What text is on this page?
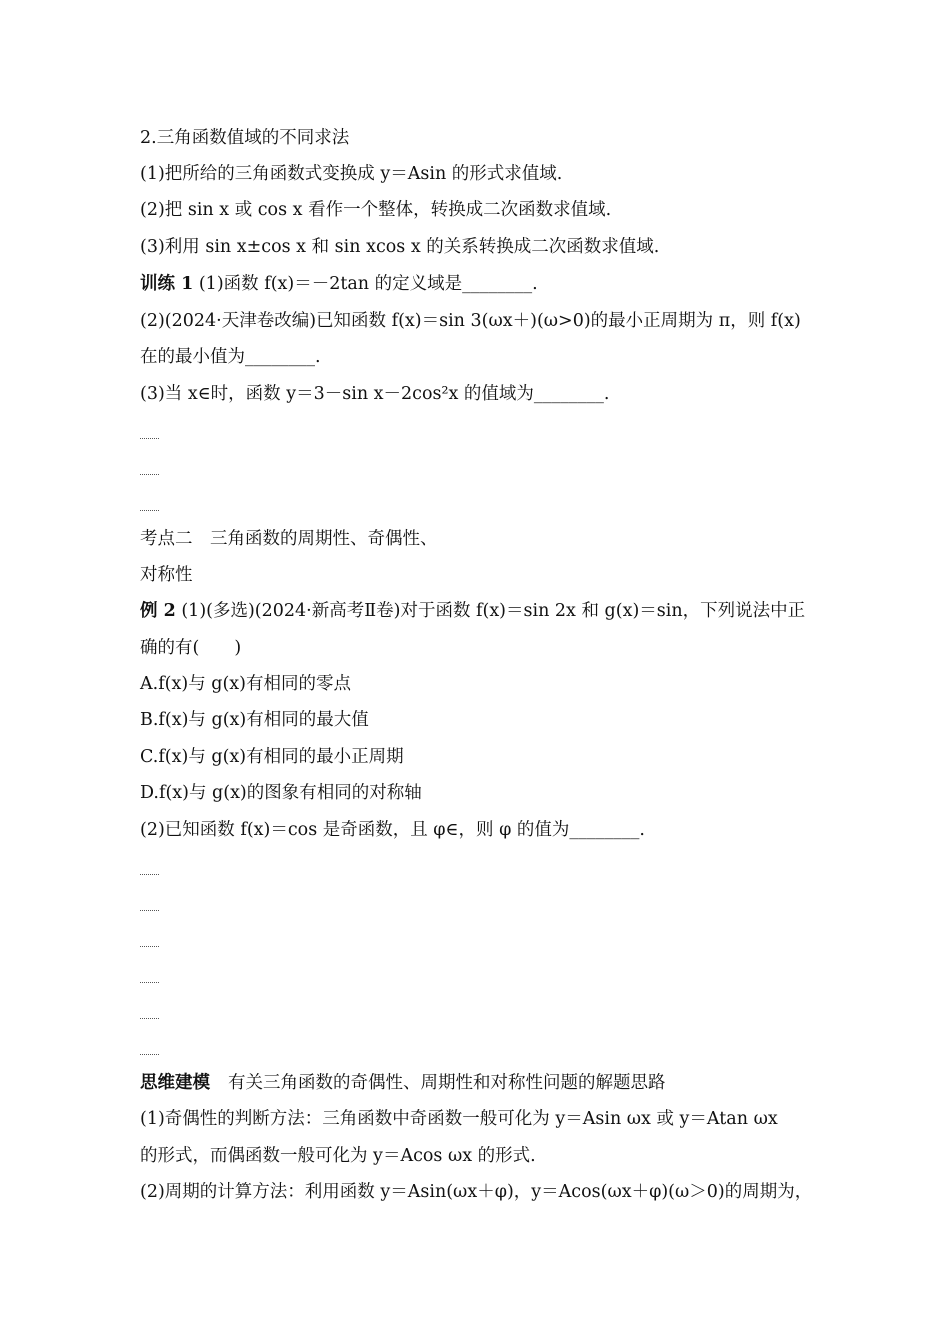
2.三角函数值域的不同求法
(1)把所给的三角函数式变换成 y＝Asin 的形式求值域.
(2)把 sin x 或 cos x 看作一个整体，转换成二次函数求值域.
(3)利用 sin x±cos x 和 sin xcos x 的关系转换成二次函数求值域.
训练 1 (1)函数 f(x)＝－2tan 的定义域是________.
(2)(2024·天津卷改编)已知函数 f(x)＝sin 3(ωx＋)(ω>0)的最小正周期为 π，则 f(x)
在的最小值为________.
(3)当 x∈时，函数 y＝3－sin x－2cos²x 的值域为________.
考点二　三角函数的周期性、奇偶性、
对称性
例 2 (1)(多选)(2024·新高考Ⅱ卷)对于函数 f(x)＝sin 2x 和 g(x)＝sin，下列说法中正
确的有(　　)
A.f(x)与 g(x)有相同的零点
B.f(x)与 g(x)有相同的最大值
C.f(x)与 g(x)有相同的最小正周期
D.f(x)与 g(x)的图象有相同的对称轴
(2)已知函数 f(x)＝cos 是奇函数，且 φ∈，则 φ 的值为________.
思维建模 有关三角函数的奇偶性、周期性和对称性问题的解题思路
(1)奇偶性的判断方法：三角函数中奇函数一般可化为 y＝Asin ωx 或 y＝Atan ωx
的形式，而偶函数一般可化为 y＝Acos ωx 的形式.
(2)周期的计算方法：利用函数 y＝Asin(ωx＋φ)，y＝Acos(ωx＋φ)(ω＞0)的周期为，
